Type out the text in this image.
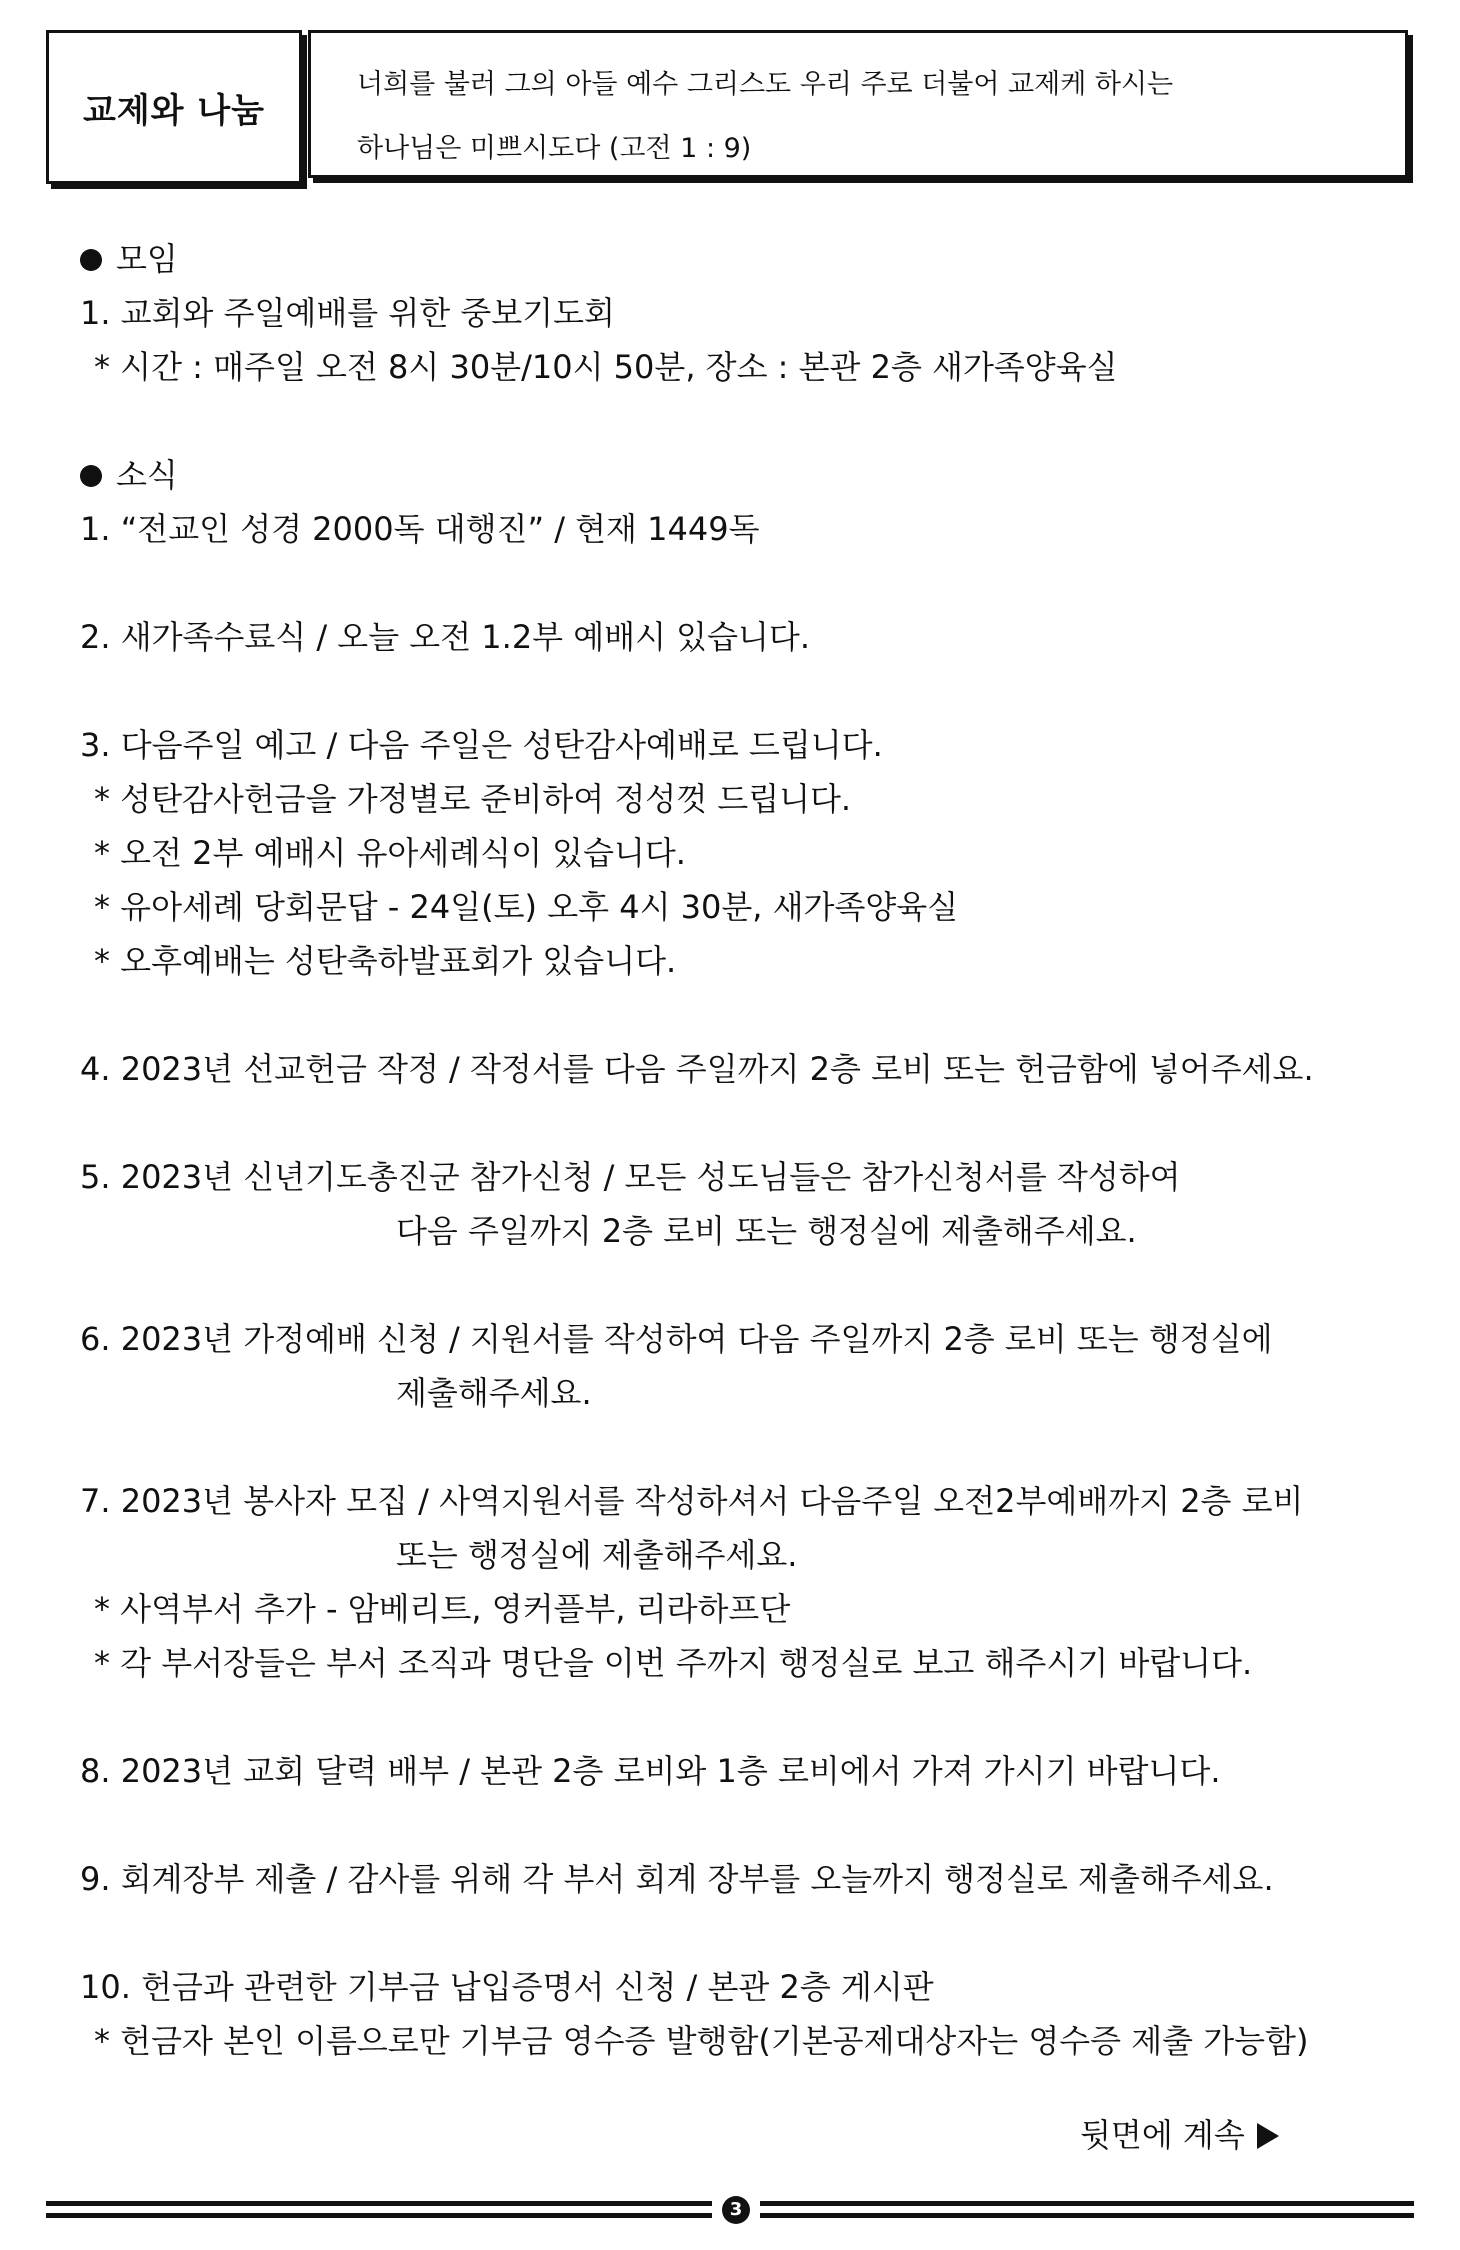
교제와 나눔
너희를 불러 그의 아들 예수 그리스도 우리 주로 더불어 교제케 하시는
하나님은 미쁘시도다 (고전 1 : 9)
모임
1. 교회와 주일예배를 위한 중보기도회
* 시간 : 매주일 오전 8시 30분/10시 50분, 장소 : 본관 2층 새가족양육실
소식
1. “전교인 성경 2000독 대행진” / 현재 1449독
2. 새가족수료식 / 오늘 오전 1.2부 예배시 있습니다.
3. 다음주일 예고 / 다음 주일은 성탄감사예배로 드립니다.
* 성탄감사헌금을 가정별로 준비하여 정성껏 드립니다.
* 오전 2부 예배시 유아세례식이 있습니다.
* 유아세례 당회문답 - 24일(토) 오후 4시 30분, 새가족양육실
* 오후예배는 성탄축하발표회가 있습니다.
4. 2023년 선교헌금 작정 / 작정서를 다음 주일까지 2층 로비 또는 헌금함에 넣어주세요.
5. 2023년 신년기도총진군 참가신청 / 모든 성도님들은 참가신청서를 작성하여
다음 주일까지 2층 로비 또는 행정실에 제출해주세요.
6. 2023년 가정예배 신청 / 지원서를 작성하여 다음 주일까지 2층 로비 또는 행정실에
제출해주세요.
7. 2023년 봉사자 모집 / 사역지원서를 작성하셔서 다음주일 오전2부예배까지 2층 로비
또는 행정실에 제출해주세요.
* 사역부서 추가 - 암베리트, 영커플부, 리라하프단
* 각 부서장들은 부서 조직과 명단을 이번 주까지 행정실로 보고 해주시기 바랍니다.
8. 2023년 교회 달력 배부 / 본관 2층 로비와 1층 로비에서 가져 가시기 바랍니다.
9. 회계장부 제출 / 감사를 위해 각 부서 회계 장부를 오늘까지 행정실로 제출해주세요.
10. 헌금과 관련한 기부금 납입증명서 신청 / 본관 2층 게시판
* 헌금자 본인 이름으로만 기부금 영수증 발행함(기본공제대상자는 영수증 제출 가능함)
뒷면에 계속
3
